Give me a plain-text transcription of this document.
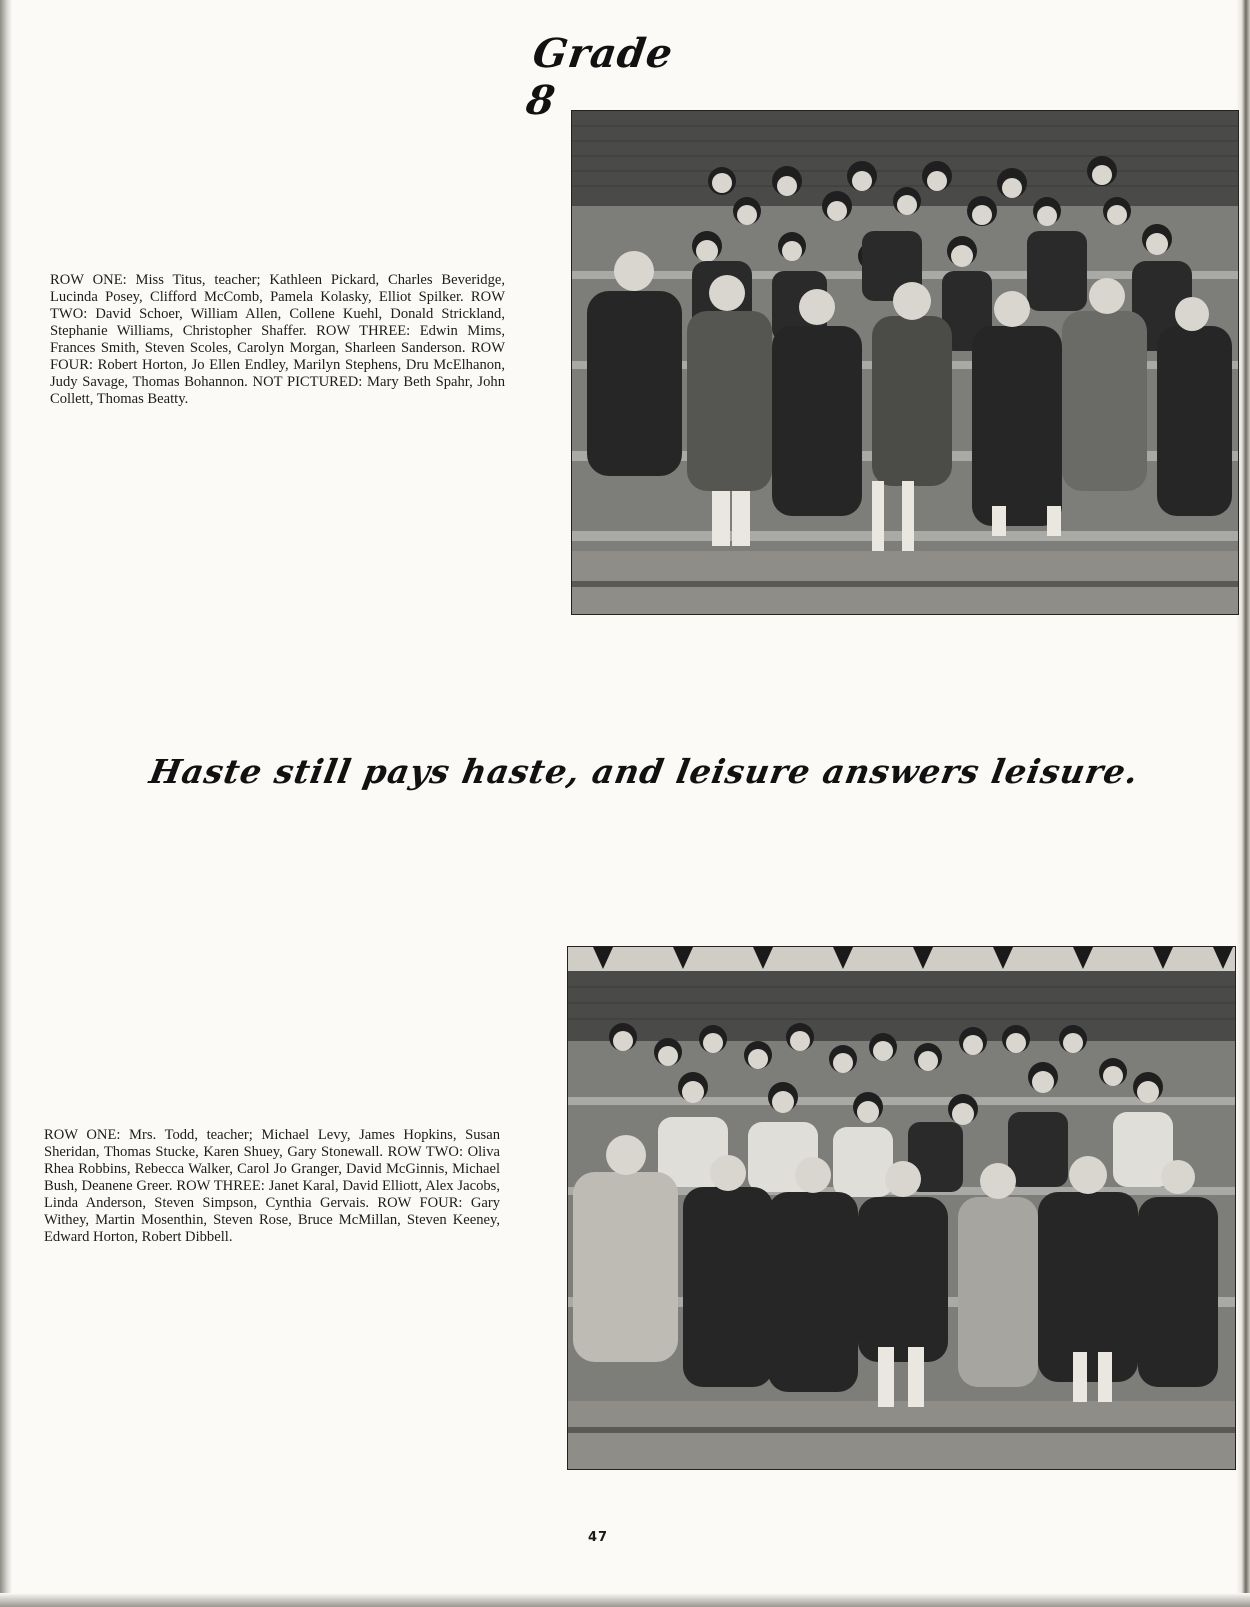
Grade 8
ROW ONE: Miss Titus, teacher; Kathleen Pickard, Charles Beveridge, Lucinda Posey, Clifford McComb, Pamela Kolasky, Elliot Spilker. ROW TWO: David Schoer, William Allen, Collene Kuehl, Donald Strickland, Stephanie Williams, Christopher Shaffer. ROW THREE: Edwin Mims, Frances Smith, Steven Scoles, Carolyn Morgan, Sharleen Sanderson. ROW FOUR: Robert Horton, Jo Ellen Endley, Marilyn Stephens, Dru McElhanon, Judy Savage, Thomas Bohannon. NOT PICTURED: Mary Beth Spahr, John Collett, Thomas Beatty.
Haste still pays haste, and leisure answers leisure.
ROW ONE: Mrs. Todd, teacher; Michael Levy, James Hopkins, Susan Sheridan, Thomas Stucke, Karen Shuey, Gary Stonewall. ROW TWO: Oliva Rhea Robbins, Rebecca Walker, Carol Jo Granger, David McGinnis, Michael Bush, Deanene Greer. ROW THREE: Janet Karal, David Elliott, Alex Jacobs, Linda Anderson, Steven Simpson, Cynthia Gervais. ROW FOUR: Gary Withey, Martin Mosenthin, Steven Rose, Bruce McMillan, Steven Keeney, Edward Horton, Robert Dibbell.
47
